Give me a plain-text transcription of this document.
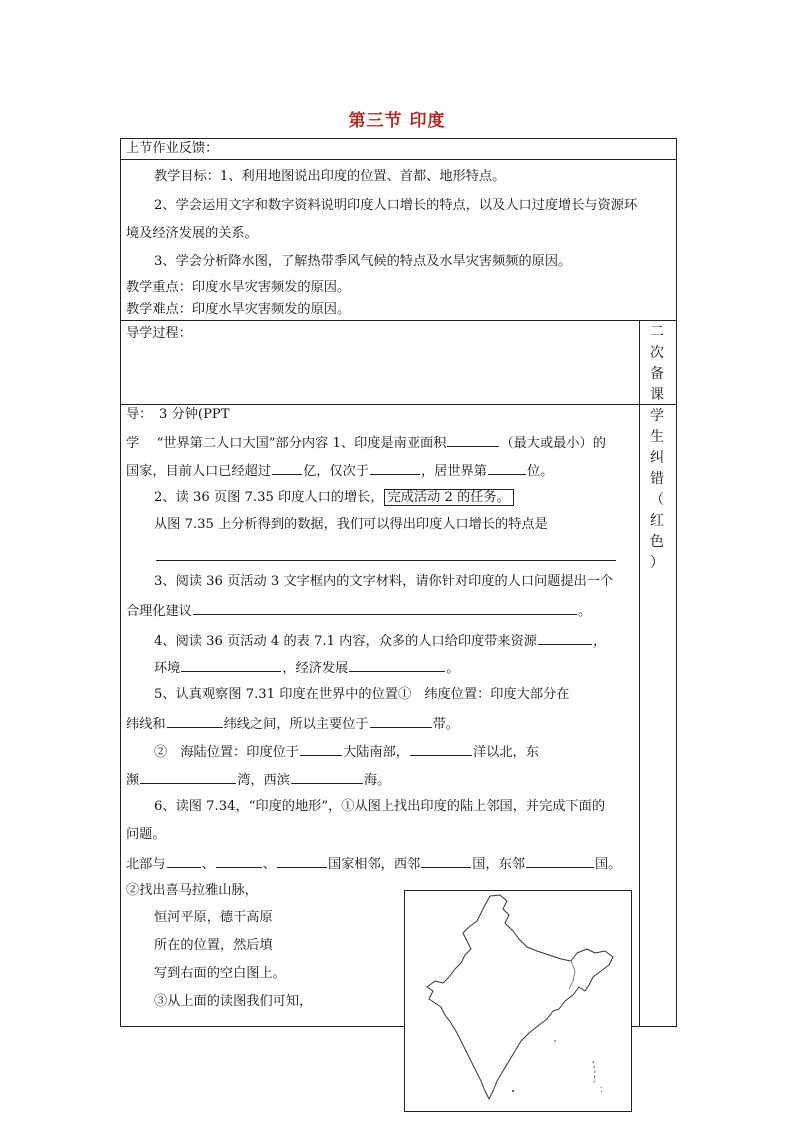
第三节 印度
上节作业反馈：
教学目标：1、利用地图说出印度的位置、首都、地形特点。
2、学会运用文字和数字资料说明印度人口增长的特点，以及人口过度增长与资源环
境及经济发展的关系。
3、学会分析降水图，了解热带季风气候的特点及水旱灾害频频的原因。
教学重点：印度水旱灾害频发的原因。
教学难点：印度水旱灾害频发的原因。
导学过程：	二
次
备
课
学
生
纠
错
（
红
色
）
导：　3 分钟(PPT
学　 “世界第二人口大国”部分内容 1、印度是南亚面积	（最大或最小）的
国家，目前人口已经超过 亿，仅次于	，居世界第	位。
2、读 36 页图 7.35 印度人口的增长， 完成活动 2 的任务。
从图 7.35 上分析得到的数据，我们可以得出印度人口增长的特点是
3、阅读 36 页活动 3 文字框内的文字材料，请你针对印度的人口问题提出一个
合理化建议	。
4、阅读 36 页活动 4 的表 7.1 内容，众多的人口给印度带来资源	，
环境	，经济发展	。
5、认真观察图 7.31 印度在世界中的位置①　纬度位置：印度大部分在
纬线和	纬线之间，所以主要位于	带。
②　海陆位置：印度位于	大陆南部，	洋以北，东
濒	湾，西滨	海。
6、读图 7.34，“印度的地形”，①从图上找出印度的陆上邻国，并完成下面的
问题。
北部与	、	、	国家相邻，西邻	国，东邻	国。
②找出喜马拉雅山脉，
恒河平原，德干高原
所在的位置，然后填
写到右面的空白图上。
③从上面的读图我们可知，
